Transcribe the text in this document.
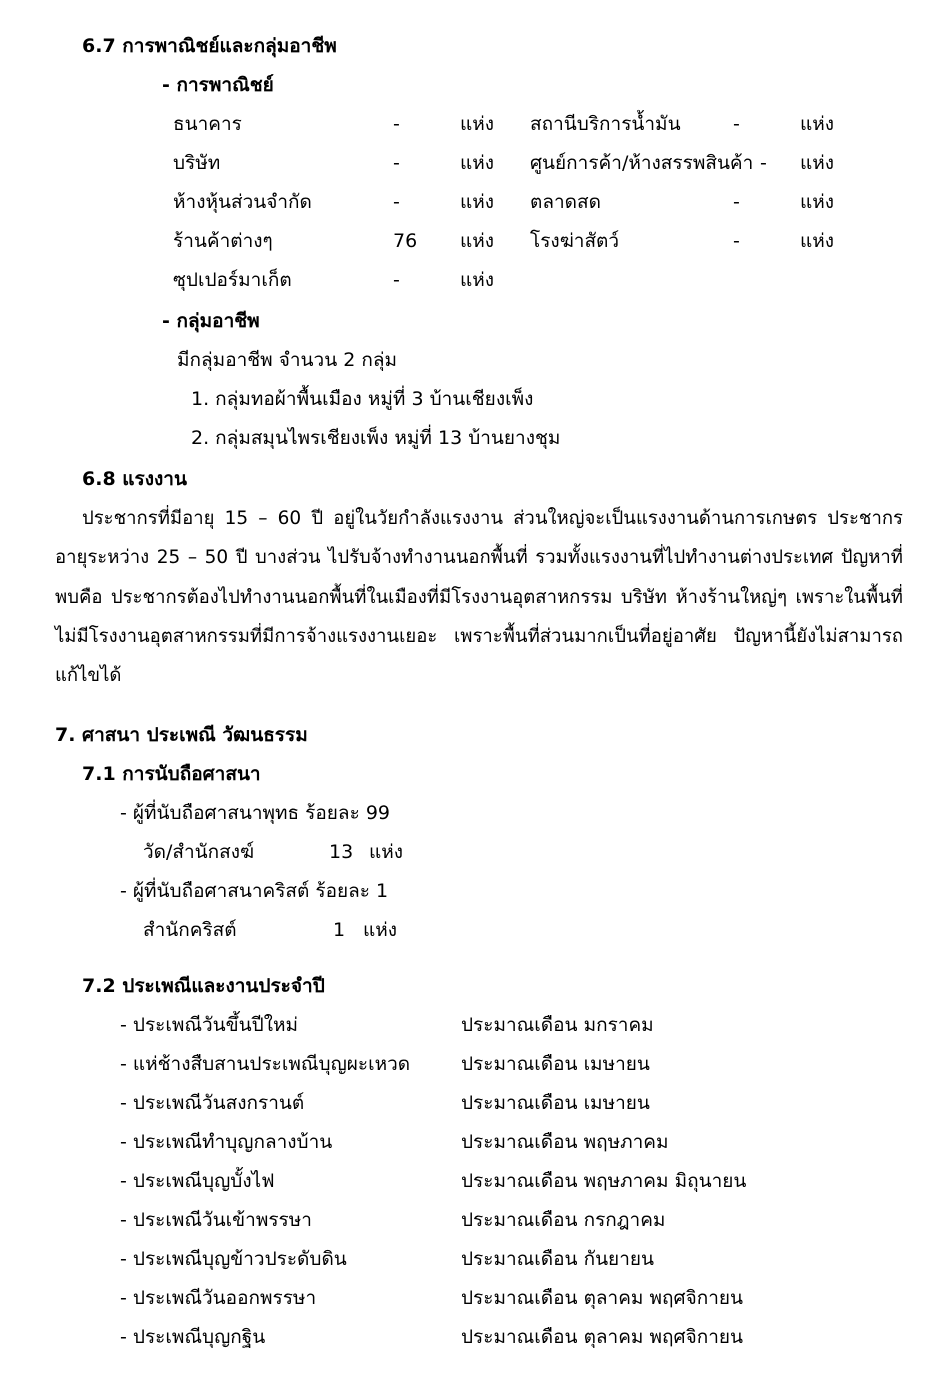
6.7 การพาณิชย์และกลุ่มอาชีพ
- การพาณิชย์
ธนาคาร	-	แห่ง สถานีบริการน้ำมัน	-	แห่ง
บริษัท	-	แห่ง ศูนย์การค้า/ห้างสรรพสินค้า - แห่ง
ห้างหุ้นส่วนจำกัด	-	แห่ง ตลาดสด	-	แห่ง
ร้านค้าต่างๆ	76 แห่ง โรงฆ่าสัตว์	-	แห่ง
ซุปเปอร์มาเก็ต	-	แห่ง
- กลุ่มอาชีพ
มีกลุ่มอาชีพ จำนวน 2 กลุ่ม
1. กลุ่มทอผ้าพื้นเมือง หมู่ที่ 3 บ้านเชียงเพ็ง
2. กลุ่มสมุนไพรเชียงเพ็ง หมู่ที่ 13 บ้านยางชุม
6.8 แรงงาน
ประชากรที่มีอายุ 15 – 60 ปี อยู่ในวัยกำลังแรงงาน ส่วนใหญ่จะเป็นแรงงานด้านการเกษตร ประชากรอายุระหว่าง 25 – 50 ปี บางส่วน ไปรับจ้างทำงานนอกพื้นที่ รวมทั้งแรงงานที่ไปทำงานต่างประเทศ ปัญหาที่พบคือ ประชากรต้องไปทำงานนอกพื้นที่ในเมืองที่มีโรงงานอุตสาหกรรม บริษัท ห้างร้านใหญ่ๆ เพราะในพื้นที่ไม่มีโรงงานอุตสาหกรรมที่มีการจ้างแรงงานเยอะ เพราะพื้นที่ส่วนมากเป็นที่อยู่อาศัย ปัญหานี้ยังไม่สามารถแก้ไขได้
7. ศาสนา ประเพณี วัฒนธรรม
7.1 การนับถือศาสนา
- ผู้ที่นับถือศาสนาพุทธ ร้อยละ 99
วัด/สำนักสงฆ์	13 แห่ง
- ผู้ที่นับถือศาสนาคริสต์ ร้อยละ 1
สำนักคริสต์	1 แห่ง
7.2 ประเพณีและงานประจำปี
- ประเพณีวันขึ้นปีใหม่	ประมาณเดือน มกราคม
- แห่ช้างสืบสานประเพณีบุญผะเหวด	ประมาณเดือน เมษายน
- ประเพณีวันสงกรานต์	ประมาณเดือน เมษายน
- ประเพณีทำบุญกลางบ้าน	ประมาณเดือน พฤษภาคม
- ประเพณีบุญบั้งไฟ	ประมาณเดือน พฤษภาคม มิถุนายน
- ประเพณีวันเข้าพรรษา	ประมาณเดือน กรกฎาคม
- ประเพณีบุญข้าวประดับดิน	ประมาณเดือน กันยายน
- ประเพณีวันออกพรรษา	ประมาณเดือน ตุลาคม พฤศจิกายน
- ประเพณีบุญกฐิน	ประมาณเดือน ตุลาคม พฤศจิกายน
